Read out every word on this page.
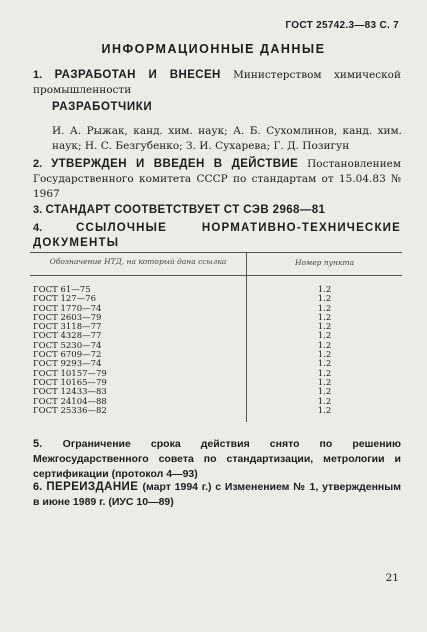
ГОСТ 25742.3—83 С. 7
ИНФОРМАЦИОННЫЕ ДАННЫЕ
1. РАЗРАБОТАН И ВНЕСЕН Министерством химической промышленности
РАЗРАБОТЧИКИ
И. А. Рыжак, канд. хим. наук; А. Б. Сухомлинов, канд. хим. наук; Н. С. Безгубенко; З. И. Сухарева; Г. Д. Позигун
2. УТВЕРЖДЕН И ВВЕДЕН В ДЕЙСТВИЕ Постановлением Государственного комитета СССР по стандартам от 15.04.83 № 1967
3. СТАНДАРТ СООТВЕТСТВУЕТ СТ СЭВ 2968—81
4.	ССЫЛОЧНЫЕ НОРМАТИВНО-ТЕХНИЧЕСКИЕ ДОКУМЕНТЫ
Обозначение НТД, на который дана ссылка	Номер пункта
ГОСТ 61—75	1.2
ГОСТ 127—76	1.2
ГОСТ 1770—74	1.2
ГОСТ 2603—79	1.2
ГОСТ 3118—77	1.2
ГОСТ 4328—77	1.2
ГОСТ 5230—74	1.2
ГОСТ 6709—72	1.2
ГОСТ 9293—74	1.2
ГОСТ 10157—79	1.2
ГОСТ 10165—79	1.2
ГОСТ 12433—83	1.2
ГОСТ 24104—88	1.2
ГОСТ 25336—82	1.2
5. Ограничение срока действия снято по решению Межгосударственного совета по стандартизации, метрологии и сертификации (протокол 4—93)
6. ПЕРЕИЗДАНИЕ (март 1994 г.) с Изменением № 1, утвержденным в июне 1989 г. (ИУС 10—89)
21
